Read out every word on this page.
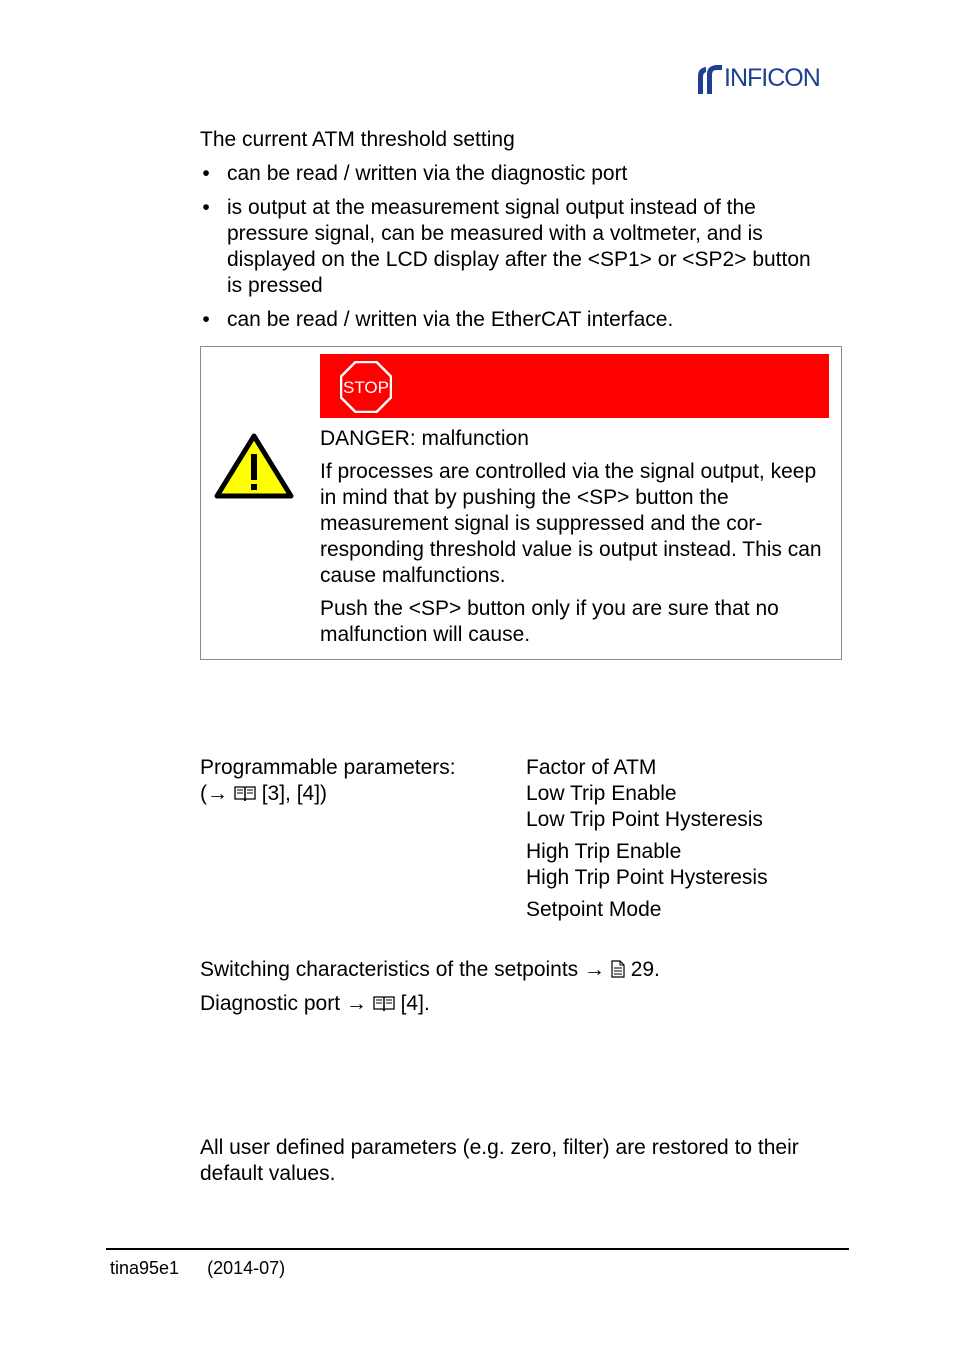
INFICON
The current ATM threshold setting
• can be read / written via the diagnostic port
• is output at the measurement signal output instead of the pressure signal, can be measured with a voltmeter, and is displayed on the LCD display after the <SP1> or <SP2> button is pressed
• can be read / written via the EtherCAT interface.
STOP

DANGER: malfunction

If processes are controlled via the signal output, keep in mind that by pushing the <SP> button the measurement signal is suppressed and the cor-responding threshold value is output instead. This can cause malfunctions.

Push the <SP> button only if you are sure that no malfunction will cause.

Programmable parameters:
(→ [3], [4])

Factor of ATM

Low Trip Enable

Low Trip Point Hysteresis

High Trip Enable

High Trip Point Hysteresis

Setpoint Mode

Switching characteristics of the setpoints → 29.
Diagnostic port → [4].
All user defined parameters (e.g. zero, filter) are restored to their default values.
tina95e1 (2014-07)
